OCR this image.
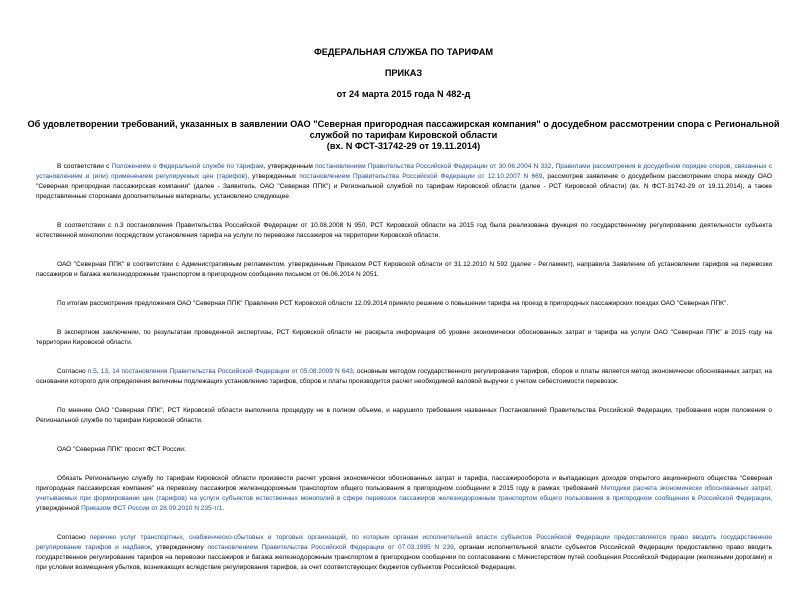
ФЕДЕРАЛЬНАЯ СЛУЖБА ПО ТАРИФАМ
ПРИКАЗ
от 24 марта 2015 года N 482-д
Об удовлетворении требований, указанных в заявлении ОАО "Северная пригородная пассажирская компания" о досудебном рассмотрении спора с Региональной
службой по тарифам Кировской области
(вх. N ФСТ-31742-29 от 19.11.2014)

В соответствии с Положением о Федеральной службе по тарифам, утвержденным постановлением Правительства Российской Федерации от 30.06.2004 N 332, Правилами рассмотрения в досудебном порядке споров, связанных с установлением и (или) применением регулируемых цен (тарифов), утвержденных постановлением Правительства Российской Федерации от 12.10.2007 N 669, рассмотрев заявление о досудебном рассмотрении спора между ОАО "Северная пригородная пассажирская компания" (далее - Заявитель, ОАО "Северная ППК") и Региональной службой по тарифам Кировской области (далее - РСТ Кировской области) (вх. N ФСТ-31742-29 от 19.11.2014), а также представленные сторонами дополнительные материалы, установлено следующее.

В соответствии с п.3 постановления Правительства Российской Федерации от 10.08.2008 N 950, РСТ Кировской области на 2015 год была реализована функция по государственному регулированию деятельности субъекта естественной монополии посредством установления тарифа на услуги по перевозке пассажиров на территории Кировской области.

ОАО "Северная ППК" в соответствии с Административным регламентом, утвержденным Приказом РСТ Кировской области от 31.12.2010 N 592 (далее - Регламент), направила Заявление об установлении тарифов на перевозки пассажиров и багажа железнодорожным транспортом в пригородном сообщении письмом от 06.06.2014 N 2051.

По итогам рассмотрения предложения ОАО "Северная ППК" Правление РСТ Кировской области 12.09.2014 приняло решение о повышении тарифа на проезд в пригородных пассажирских поездах ОАО "Северная ППК".

В экспертном заключении, по результатам проведенной экспертизы, РСТ Кировской области не раскрыта информация об уровне экономически обоснованных затрат и тарифа на услуги ОАО "Северная ППК" в 2015 году на территории Кировской области.

Согласно п.5, 13, 14 постановления Правительства Российской Федерации от 05.08.2009 N 643, основным методом государственного регулирования тарифов, сборов и платы является метод экономически обоснованных затрат, на основании которого для определения величины подлежащих установлению тарифов, сборов и платы производится расчет необходимой валовой выручки с учетом себестоимости перевозок.

По мнению ОАО "Северная ППК", РСТ Кировской области выполнила процедуру не в полном объеме, и нарушило требования названных Постановлений Правительства Российской Федерации, требования норм положения о Региональной службе по тарифам Кировской области.

ОАО "Северная ППК" просит ФСТ России:

Обязать Региональную службу по тарифам Кировской области произвести расчет уровня экономически обоснованных затрат и тарифа, пассажирооборота и выпадающих доходов открытого акционерного общества "Северная пригородная пассажирская компания" на перевозку пассажиров железнодорожным транспортом общего пользования в пригородном сообщении в 2015 году в рамках требований Методики расчета экономически обоснованных затрат, учитываемых при формировании цен (тарифов) на услуги субъектов естественных монополий в сфере перевозок пассажиров железнодорожным транспортом общего пользования в пригородном сообщении в Российской Федерации, утвержденной Приказом ФСТ России от 28.09.2010 N 235-т/1.

Согласно перечню услуг транспортных, снабженческо-сбытовых и торговых организаций, по которым органам исполнительной власти субъектов Российской Федерации предоставляется право вводить государственное регулирование тарифов и надбавок, утвержденному постановлением Правительства Российской Федерации от 07.03.1995 N 239, органам исполнительной власти субъектов Российской Федерации предоставлено право вводить государственное регулирование тарифов на перевозки пассажиров и багажа железнодорожным транспортом в пригородном сообщении по согласованию с Министерством путей сообщения Российской Федерации (железными дорогами) и при условии возмещения убытков, возникающих вследствие регулирования тарифов, за счет соответствующих бюджетов субъектов Российской Федерации.
